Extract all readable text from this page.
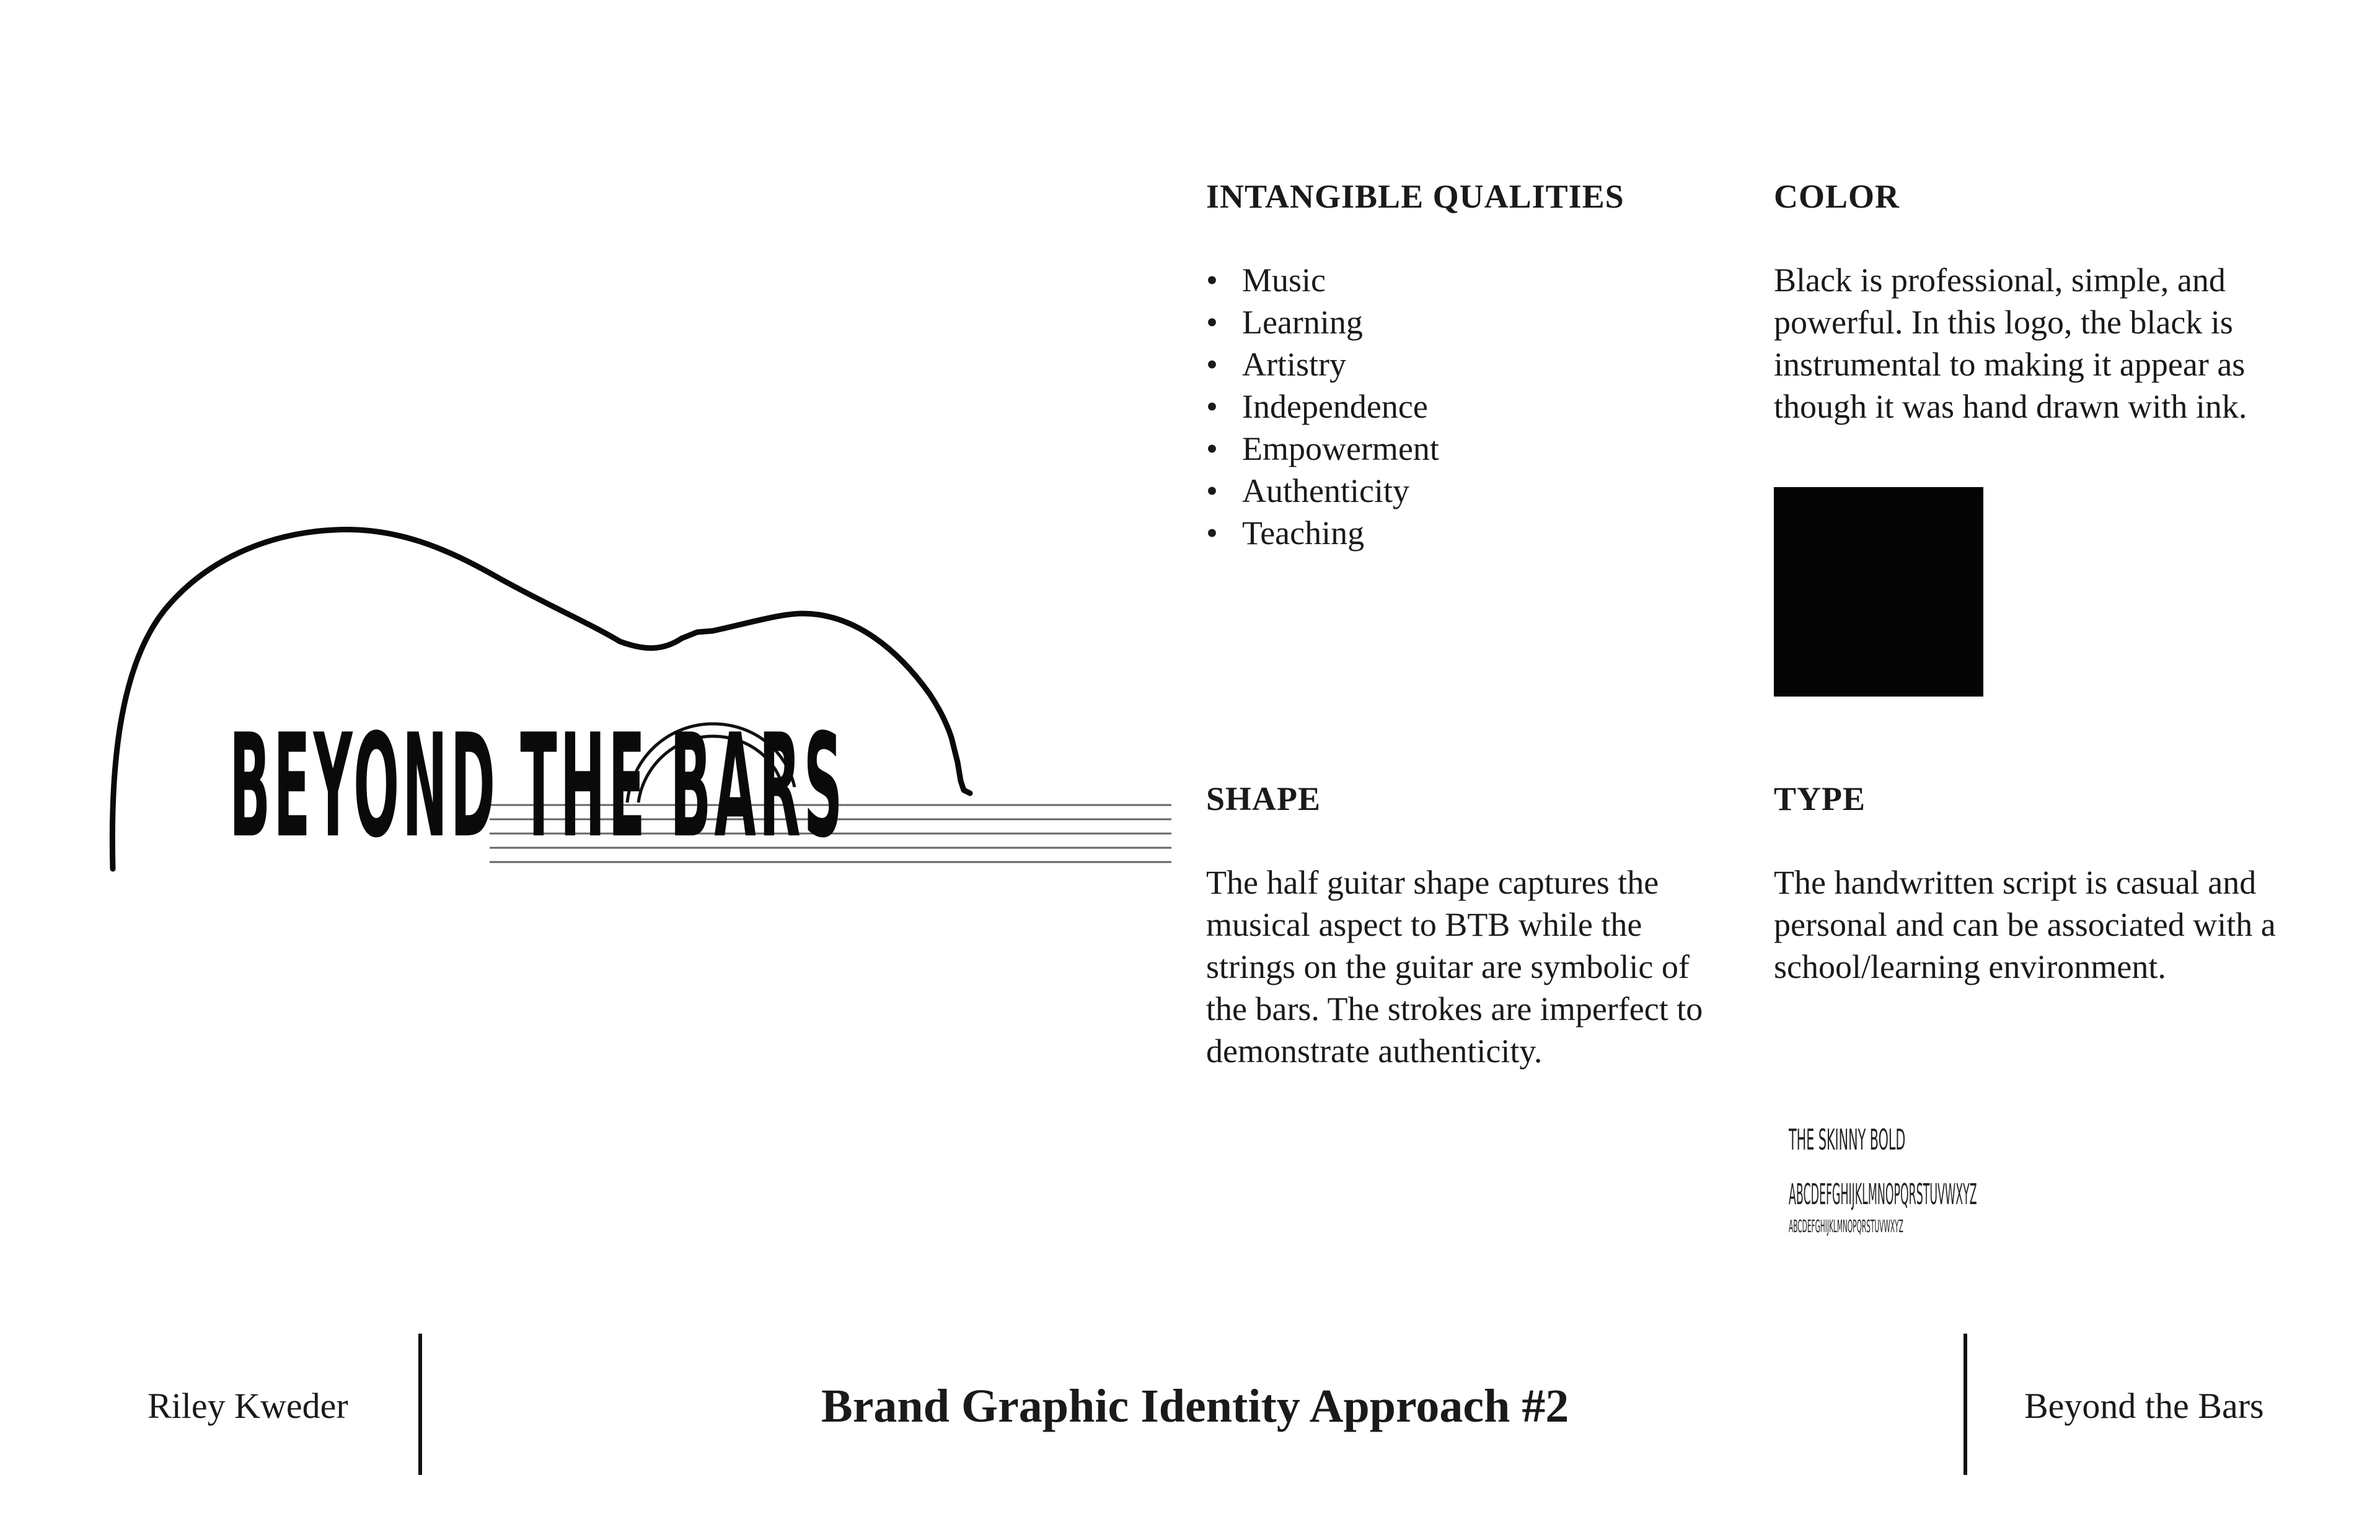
BEYOND THE BARS
INTANGIBLE QUALITIES
• Music
• Learning
• Artistry
• Independence
• Empowerment
• Authenticity
• Teaching
COLOR
Black is professional, simple, and
powerful. In this logo, the black is
instrumental to making it appear as
though it was hand drawn with ink.
SHAPE
The half guitar shape captures the
musical aspect to BTB while the
strings on the guitar are symbolic of
the bars. The strokes are imperfect to
demonstrate authenticity.
TYPE
The handwritten script is casual and
personal and can be associated with a
school/learning environment.
THE SKINNY BOLD
ABCDEFGHIJKLMNOPQRSTUVWXYZ
ABCDEFGHIJKLMNOPQRSTUVWXYZ
Riley Kweder	Brand Graphic Identity Approach #2	Beyond the Bars
